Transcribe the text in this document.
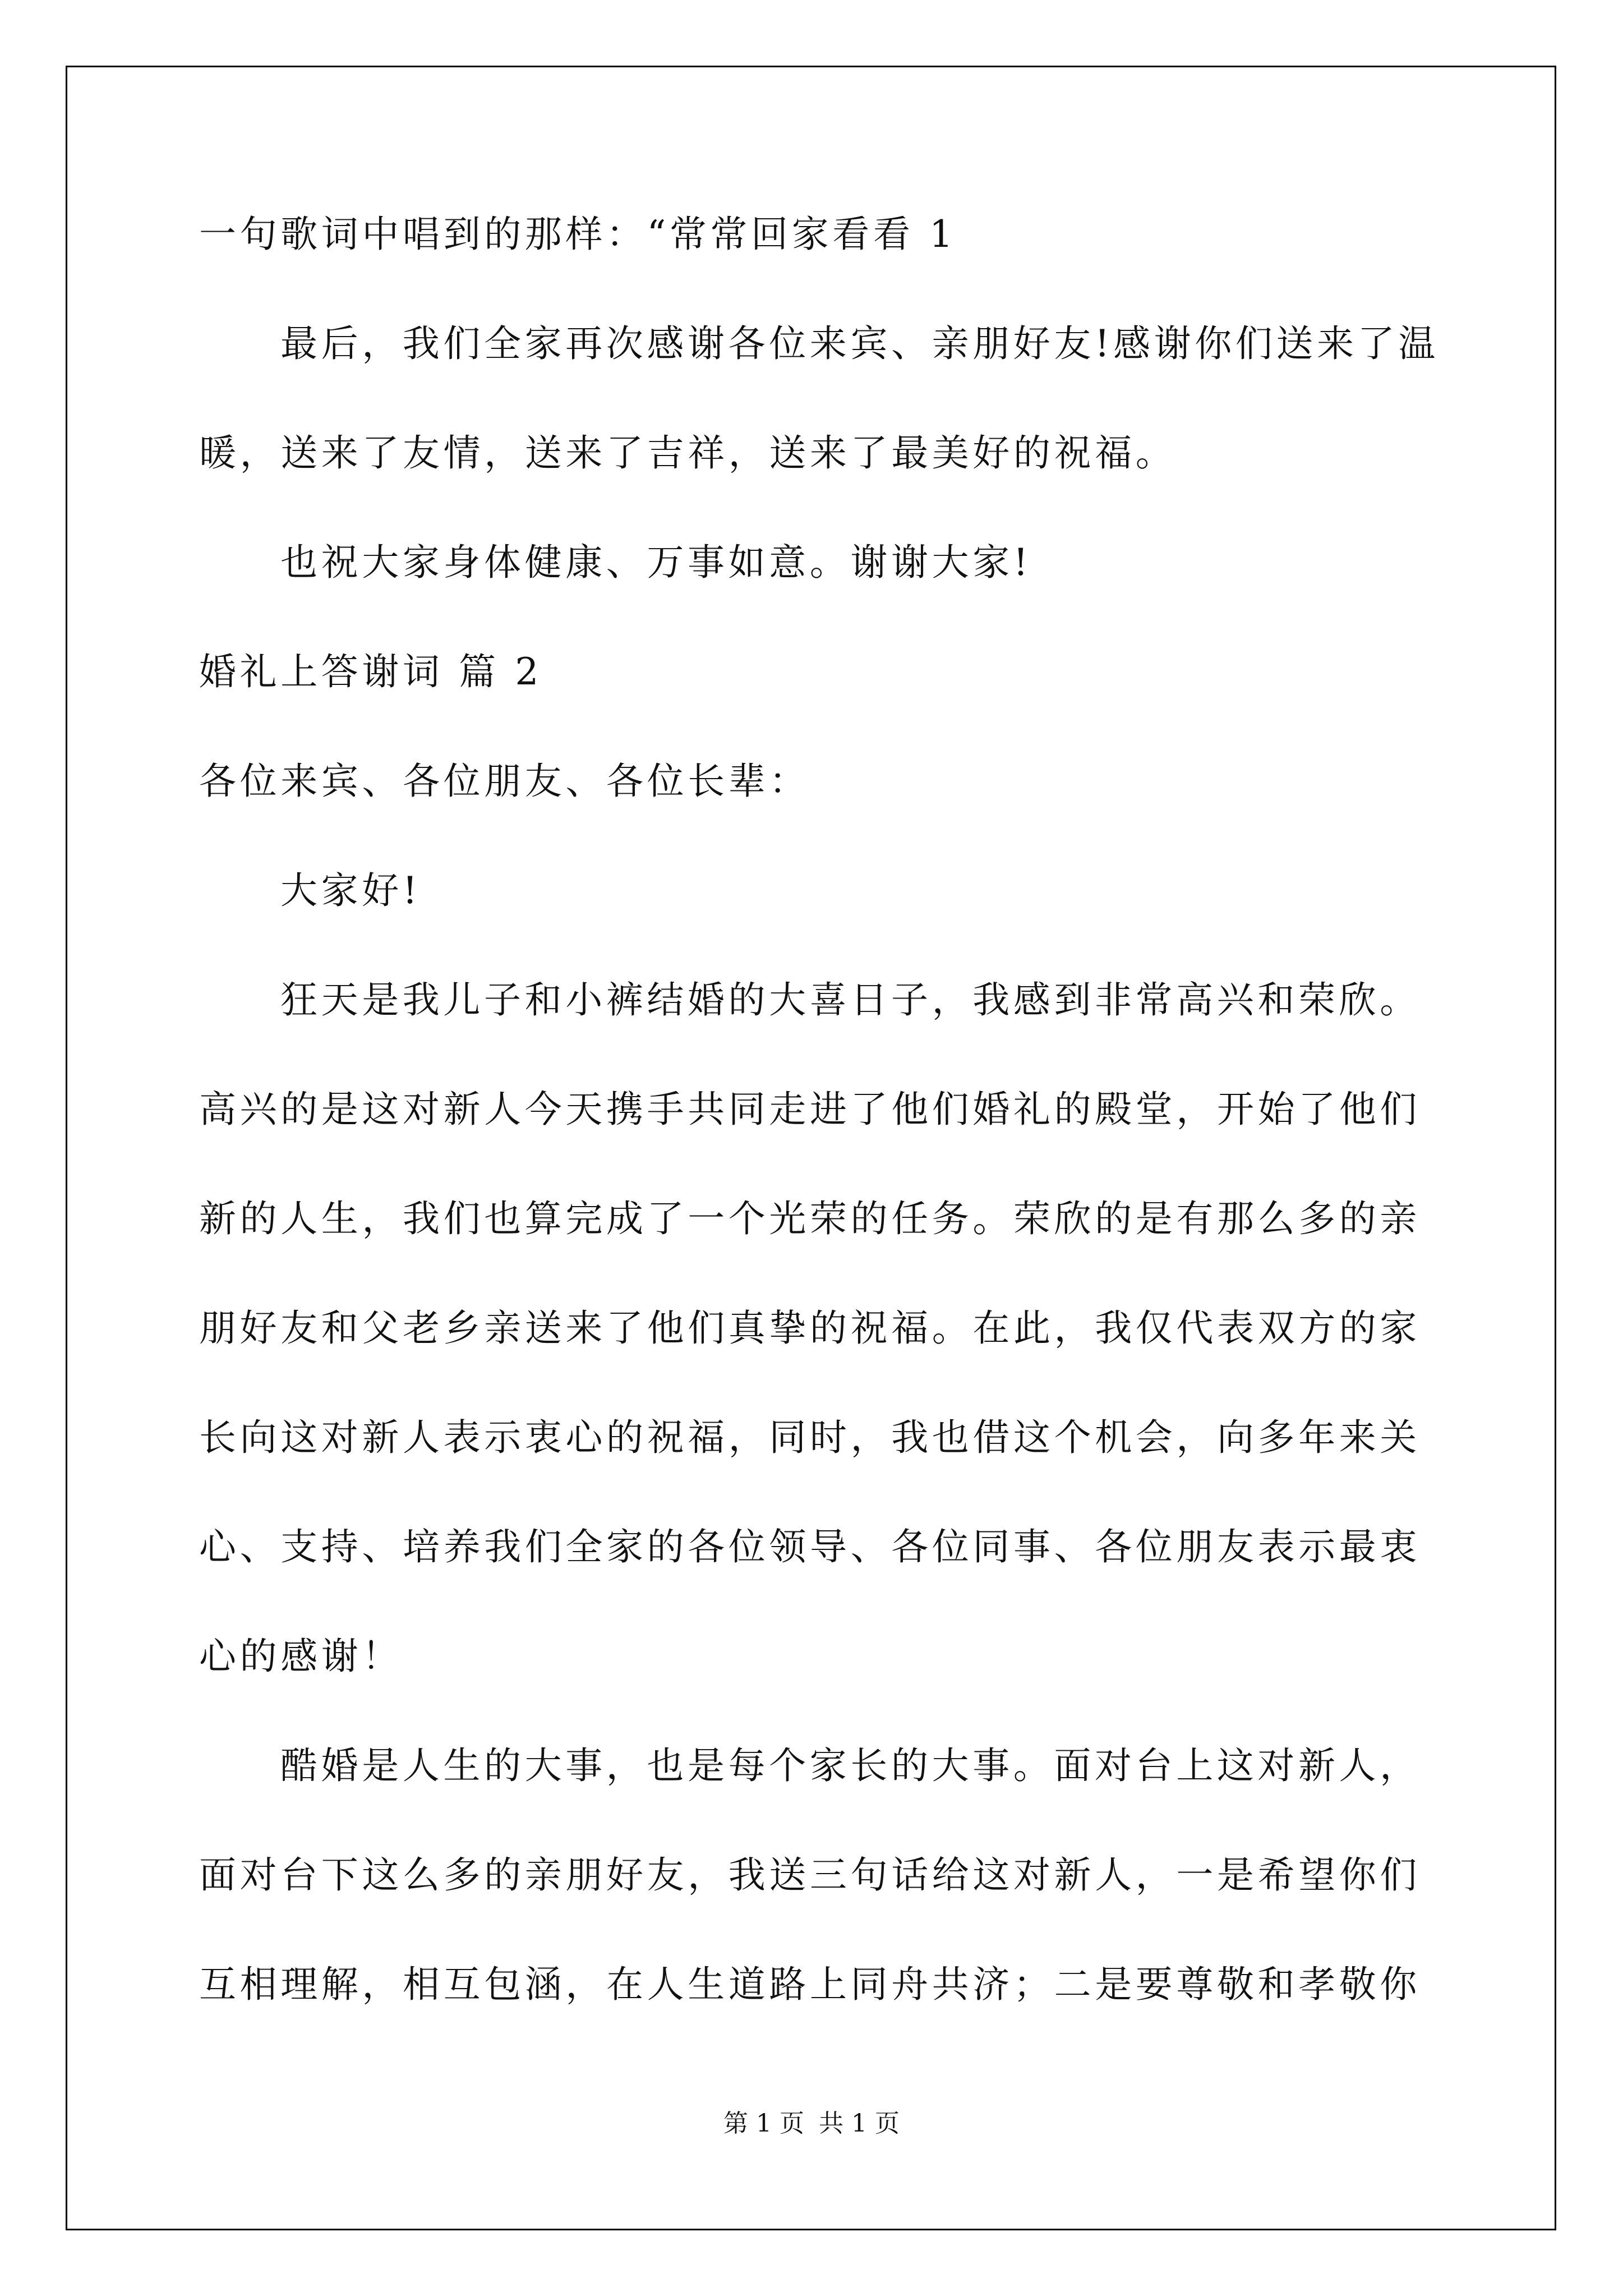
一句歌词中唱到的那样：“常常回家看看 1
最后，我们全家再次感谢各位来宾、亲朋好友!感谢你们送来了温
暖，送来了友情，送来了吉祥，送来了最美好的祝福。
也祝大家身体健康、万事如意。谢谢大家!
婚礼上答谢词 篇 2
各位来宾、各位朋友、各位长辈：
大家好!
狂天是我儿子和小裤结婚的大喜日子，我感到非常高兴和荣欣。
高兴的是这对新人今天携手共同走进了他们婚礼的殿堂，开始了他们
新的人生，我们也算完成了一个光荣的任务。荣欣的是有那么多的亲
朋好友和父老乡亲送来了他们真挚的祝福。在此，我仅代表双方的家
长向这对新人表示衷心的祝福，同时，我也借这个机会，向多年来关
心、支持、培养我们全家的各位领导、各位同事、各位朋友表示最衷
心的感谢！
酷婚是人生的大事，也是每个家长的大事。面对台上这对新人，
面对台下这么多的亲朋好友，我送三句话给这对新人，一是希望你们
互相理解，相互包涵，在人生道路上同舟共济；二是要尊敬和孝敬你
第 1 页 共 1 页
